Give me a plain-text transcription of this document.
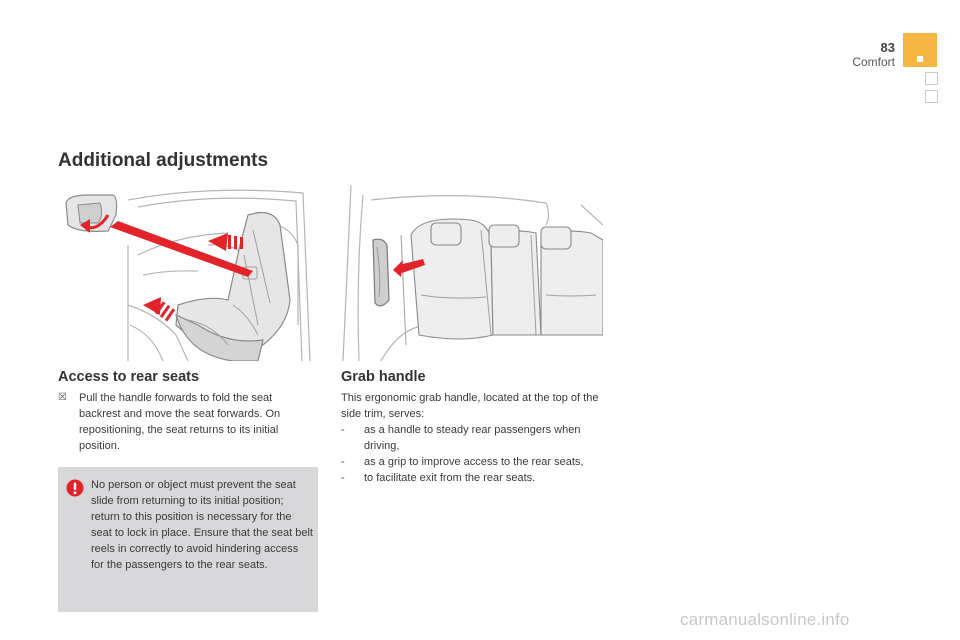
83
Comfort
Additional adjustments
Access to rear seats	Grab handle
☒ Pull the handle forwards to fold the seat backrest and move the seat forwards. On repositioning, the seat returns to its initial position.
No person or object must prevent the seat slide from returning to its initial position; return to this position is necessary for the seat to lock in place. Ensure that the seat belt reels in correctly to avoid hindering access for the passengers to the rear seats.
This ergonomic grab handle, located at the top of the side trim, serves:
- as a handle to steady rear passengers when driving,
- as a grip to improve access to the rear seats,
- to facilitate exit from the rear seats.
carmanualsonline.info
